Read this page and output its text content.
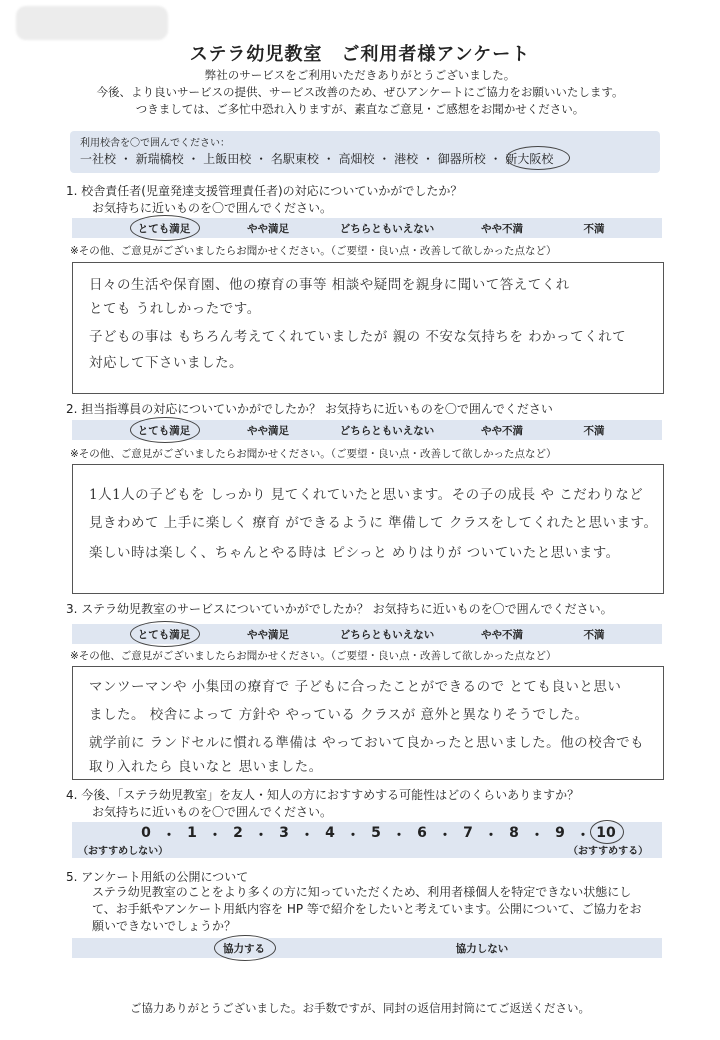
ステラ幼児教室　ご利用者様アンケート
弊社のサービスをご利用いただきありがとうございました。
今後、より良いサービスの提供、サービス改善のため、ぜひアンケートにご協力をお願いいたします。
つきましては、ご多忙中恐れ入りますが、素直なご意見・ご感想をお聞かせください。
利用校舎を〇で囲んでください：
一社校 ・ 新瑞橋校 ・ 上飯田校 ・ 名駅東校 ・ 高畑校 ・ 港校 ・ 御器所校 ・ 新大阪校
1. 校舎責任者(児童発達支援管理責任者)の対応についていかがでしたか？
お気持ちに近いものを〇で囲んでください。
とても満足	やや満足	どちらともいえない	やや不満	不満
※その他、ご意見がございましたらお聞かせください。（ご要望・良い点・改善して欲しかった点など）
日々の生活や保育園、他の療育の事等 相談や疑問を親身に聞いて答えてくれ
とても うれしかったです。
子どもの事は もちろん考えてくれていましたが 親の 不安な気持ちを わかってくれて
対応して下さいました。
2. 担当指導員の対応についていかがでしたか？ お気持ちに近いものを〇で囲んでください
とても満足	やや満足	どちらともいえない	やや不満	不満
※その他、ご意見がございましたらお聞かせください。（ご要望・良い点・改善して欲しかった点など）
1人1人の子どもを しっかり 見てくれていたと思います。その子の成長 や こだわりなど
見きわめて 上手に楽しく 療育 ができるように 準備して クラスをしてくれたと思います。
楽しい時は楽しく、ちゃんとやる時は ピシっと めりはりが ついていたと思います。
3. ステラ幼児教室のサービスについていかがでしたか？ お気持ちに近いものを〇で囲んでください。
とても満足	やや満足	どちらともいえない	やや不満	不満
※その他、ご意見がございましたらお聞かせください。（ご要望・良い点・改善して欲しかった点など）
マンツーマンや 小集団の療育で 子どもに合ったことができるので とても良いと思い
ました。 校舎によって 方針や やっている クラスが 意外と異なりそうでした。
就学前に ランドセルに慣れる準備は やっておいて良かったと思いました。他の校舎でも
取り入れたら 良いなと 思いました。
4. 今後、「ステラ幼児教室」を友人・知人の方におすすめする可能性はどのくらいありますか？
お気持ちに近いものを〇で囲んでください。
0	1	2	3	4	5	6	7	8	9 10
・ ・ ・ ・ ・ ・ ・ ・ ・ ・
（おすすめしない）	（おすすめする）
5. アンケート用紙の公開について
ステラ幼児教室のことをより多くの方に知っていただくため、利用者様個人を特定できない状態にし
て、お手紙やアンケート用紙内容を HP 等で紹介をしたいと考えています。公開について、ご協力をお
願いできないでしょうか？
協力する	協力しない
ご協力ありがとうございました。お手数ですが、同封の返信用封筒にてご返送ください。
